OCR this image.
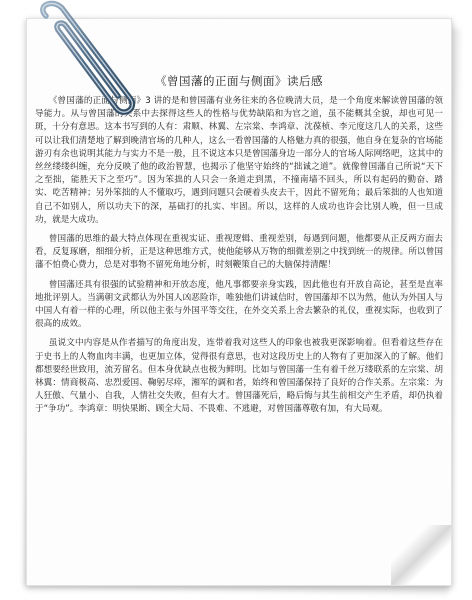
《曾国藩的正面与侧面》读后感

《曾国藩的正面与侧面》3 讲的是和曾国藩有业务往来的各位晚清大员，是一个角度来解读曾国藩的领导能力。从与曾国藩的关系中去探得这些人的性格与优势缺陷和为官之道，虽不能概其全貌，却也可见一斑，十分有意思。这本书写到的人有：肃顺、林翼、左宗棠、李鸿章、沈葆桢、李元度这几人的关系，这些可以让我们清楚地了解到晚清官场的几种人，这么一看曾国藩的人格魅力真的很强，他自身在复杂的官场能游刃有余也说明其能力与实力不是一般，且不说这本只是曾国藩身边一部分人的官场人际网络吧，这其中的丝丝缕缕纠缠，充分反映了他的政治智慧，也揭示了他坚守始终的“拙诚之道”。就像曾国藩自己所说“天下之至拙，能胜天下之至巧”。因为笨拙的人只会一条道走到黑，不撞南墙不回头，所以有起码的勤奋、踏实、吃苦精神；另外笨拙的人不懂取巧，遇到问题只会硬着头皮去干，因此不留死角；最后笨拙的人也知道自己不如别人，所以功夫下的深，基础打的扎实、牢固。所以，这样的人成功也许会比别人晚，但一旦成功，就是大成功。

曾国藩的思维的最大特点体现在重视实证、重视逻辑、重视差别，每遇到问题，他都要从正反两方面去看，反复琢磨，细细分析，正是这种思维方式，使他能够从万物的细微差别之中找到统一的规律。所以曾国藩不怕费心费力，总是对事物不留死角地分析，时刻鞭策自己的大脑保持清醒！

曾国藩还具有很强的试验精神和开放态度，他凡事都要亲身实践，因此他也有开放自高论，甚至是直率地批评别人。当满朝文武都认为外国人凶恶险诈，唯独他们讲诚信时，曾国藩却不以为然，他认为外国人与中国人有着一样的心理，所以他主张与外国平等交往，在外交关系上舍去繁杂的礼仪，重视实际，也收到了很高的成效。

虽说文中内容是从作者描写的角度出发，连带着我对这些人的印象也被我更深影响着。但看着这些存在于史书上的人物血肉丰满，也更加立体，觉得很有意思，也对这段历史上的人物有了更加深入的了解。他们都想要经世致用，流芳留名。但本身优缺点也极为鲜明。比如与曾国藩一生有着千丝万缕联系的左宗棠、胡林翼：情商极高、忠烈爱国、鞠躬尽瘁，湘军的调和者，始终和曾国藩保持了良好的合作关系。左宗棠：为人狂傲、气量小、自我，人情社交失败，但有大才。曾国藩死后，略后悔与其生前相交产生矛盾，却仍执着于“争功”。李鸿章：明快果断、顾全大局、不畏难、不逃避，对曾国藩尊敬有加，有大局观。
